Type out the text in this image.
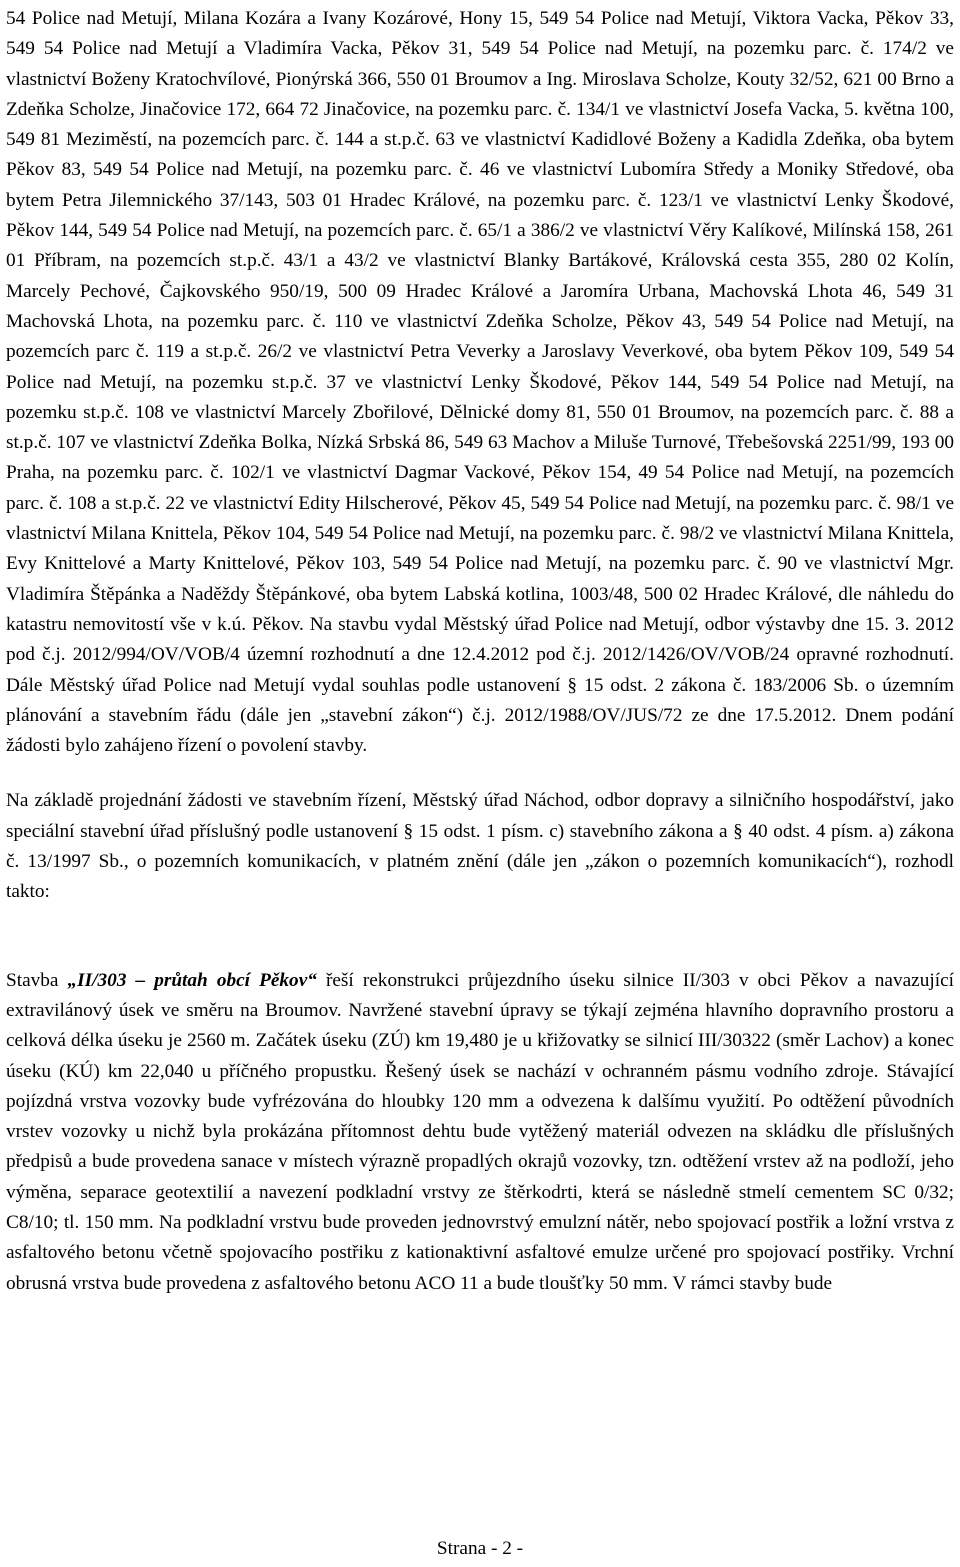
54 Police nad Metují, Milana Kozára a Ivany Kozárové, Hony 15, 549 54 Police nad Metují, Viktora Vacka, Pěkov 33, 549 54 Police nad Metují a Vladimíra Vacka, Pěkov 31, 549 54 Police nad Metují, na pozemku parc. č. 174/2 ve vlastnictví Boženy Kratochvílové, Pionýrská 366, 550 01 Broumov a Ing. Miroslava Scholze, Kouty 32/52, 621 00 Brno a Zdeňka Scholze, Jinačovice 172, 664 72 Jinačovice, na pozemku parc. č. 134/1 ve vlastnictví Josefa Vacka, 5. května 100, 549 81 Meziměstí, na pozemcích parc. č. 144 a st.p.č. 63 ve vlastnictví Kadidlové Boženy a Kadidla Zdeňka, oba bytem Pěkov 83, 549 54 Police nad Metují, na pozemku parc. č. 46 ve vlastnictví Lubomíra Středy a Moniky Středové, oba bytem Petra Jilemnického 37/143, 503 01 Hradec Králové, na pozemku parc. č. 123/1 ve vlastnictví Lenky Škodové, Pěkov 144, 549 54 Police nad Metují, na pozemcích parc. č. 65/1 a 386/2 ve vlastnictví Věry Kalíkové, Milínská 158, 261 01 Příbram, na pozemcích st.p.č. 43/1 a 43/2 ve vlastnictví Blanky Bartákové, Královská cesta 355, 280 02 Kolín, Marcely Pechové, Čajkovského 950/19, 500 09 Hradec Králové a Jaromíra Urbana, Machovská Lhota 46, 549 31 Machovská Lhota, na pozemku parc. č. 110 ve vlastnictví Zdeňka Scholze, Pěkov 43, 549 54 Police nad Metují, na pozemcích parc č. 119 a st.p.č. 26/2 ve vlastnictví Petra Veverky a Jaroslavy Veverkové, oba bytem Pěkov 109, 549 54 Police nad Metují, na pozemku st.p.č. 37 ve vlastnictví Lenky Škodové, Pěkov 144, 549 54 Police nad Metují, na pozemku st.p.č. 108 ve vlastnictví Marcely Zbořilové, Dělnické domy 81, 550 01 Broumov, na pozemcích parc. č. 88 a st.p.č. 107 ve vlastnictví Zdeňka Bolka, Nízká Srbská 86, 549 63 Machov a Miluše Turnové, Třebešovská 2251/99, 193 00 Praha, na pozemku parc. č. 102/1 ve vlastnictví Dagmar Vackové, Pěkov 154, 49 54 Police nad Metují, na pozemcích parc. č. 108 a st.p.č. 22 ve vlastnictví Edity Hilscherové, Pěkov 45, 549 54 Police nad Metují, na pozemku parc. č. 98/1 ve vlastnictví Milana Knittela, Pěkov 104, 549 54 Police nad Metují, na pozemku parc. č. 98/2 ve vlastnictví Milana Knittela, Evy Knittelové a Marty Knittelové, Pěkov 103, 549 54 Police nad Metují, na pozemku parc. č. 90 ve vlastnictví Mgr. Vladimíra Štěpánka a Naděždy Štěpánkové, oba bytem Labská kotlina, 1003/48, 500 02 Hradec Králové, dle náhledu do katastru nemovitostí vše v k.ú. Pěkov. Na stavbu vydal Městský úřad Police nad Metují, odbor výstavby dne 15. 3. 2012 pod č.j. 2012/994/OV/VOB/4 územní rozhodnutí a dne 12.4.2012 pod č.j. 2012/1426/OV/VOB/24 opravné rozhodnutí. Dále Městský úřad Police nad Metují vydal souhlas podle ustanovení § 15 odst. 2 zákona č. 183/2006 Sb. o územním plánování a stavebním řádu (dále jen „stavební zákon“) č.j. 2012/1988/OV/JUS/72 ze dne 17.5.2012. Dnem podání žádosti bylo zahájeno řízení o povolení stavby.

Na základě projednání žádosti ve stavebním řízení, Městský úřad Náchod, odbor dopravy a silničního hospodářství, jako speciální stavební úřad příslušný podle ustanovení § 15 odst. 1 písm. c) stavebního zákona a § 40 odst. 4 písm. a) zákona č. 13/1997 Sb., o pozemních komunikacích, v platném znění (dále jen „zákon o pozemních komunikacích“), rozhodl takto:

Stavba „II/303 – průtah obcí Pěkov“ řeší rekonstrukci průjezdního úseku silnice II/303 v obci Pěkov a navazující extravilánový úsek ve směru na Broumov. Navržené stavební úpravy se týkají zejména hlavního dopravního prostoru a celková délka úseku je 2560 m. Začátek úseku (ZÚ) km 19,480 je u křižovatky se silnicí III/30322 (směr Lachov) a konec úseku (KÚ) km 22,040 u příčného propustku. Řešený úsek se nachází v ochranném pásmu vodního zdroje. Stávající pojízdná vrstva vozovky bude vyfrézována do hloubky 120 mm a odvezena k dalšímu využití. Po odtěžení původních vrstev vozovky u nichž byla prokázána přítomnost dehtu bude vytěžený materiál odvezen na skládku dle příslušných předpisů a bude provedena sanace v místech výrazně propadlých okrajů vozovky, tzn. odtěžení vrstev až na podloží, jeho výměna, separace geotextilií a navezení podkladní vrstvy ze štěrkodrti, která se následně stmelí cementem SC 0/32; C8/10; tl. 150 mm. Na podkladní vrstvu bude proveden jednovrstvý emulzní nátěr, nebo spojovací postřik a ložní vrstva z asfaltového betonu včetně spojovacího postřiku z kationaktivní asfaltové emulze určené pro spojovací postřiky. Vrchní obrusná vrstva bude provedena z asfaltového betonu ACO 11 a bude tloušťky 50 mm. V rámci stavby bude

Strana - 2 -
